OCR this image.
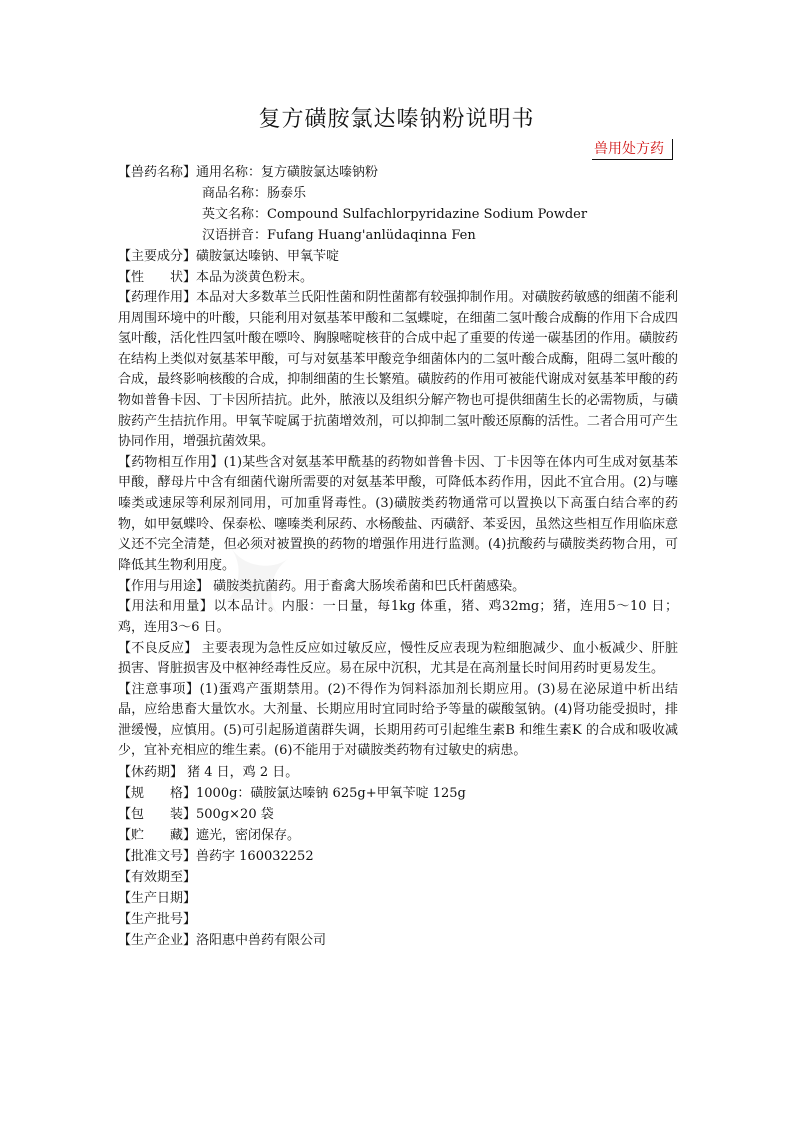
复方磺胺氯达嗪钠粉说明书
兽用处方药
【兽药名称】通用名称：复方磺胺氯达嗪钠粉
商品名称：肠泰乐
英文名称：Compound Sulfachlorpyridazine Sodium Powder
汉语拼音：Fufang Huang'anlüdaqinna Fen
【主要成分】磺胺氯达嗪钠、甲氧苄啶
【性　　状】本品为淡黄色粉末。

【药理作用】本品对大多数革兰氏阳性菌和阴性菌都有较强抑制作用。对磺胺药敏感的细菌不能利用周围环境中的叶酸，只能利用对氨基苯甲酸和二氢蝶啶，在细菌二氢叶酸合成酶的作用下合成四氢叶酸，活化性四氢叶酸在嘌呤、胸腺嘧啶核苷的合成中起了重要的传递一碳基团的作用。磺胺药在结构上类似对氨基苯甲酸，可与对氨基苯甲酸竞争细菌体内的二氢叶酸合成酶，阻碍二氢叶酸的合成，最终影响核酸的合成，抑制细菌的生长繁殖。磺胺药的作用可被能代谢成对氨基苯甲酸的药物如普鲁卡因、丁卡因所拮抗。此外，脓液以及组织分解产物也可提供细菌生长的必需物质，与磺胺药产生拮抗作用。甲氧苄啶属于抗菌增效剂，可以抑制二氢叶酸还原酶的活性。二者合用可产生协同作用，增强抗菌效果。

【药物相互作用】(1)某些含对氨基苯甲酰基的药物如普鲁卡因、丁卡因等在体内可生成对氨基苯甲酸，酵母片中含有细菌代谢所需要的对氨基苯甲酸，可降低本药作用，因此不宜合用。(2)与噻嗪类或速尿等利尿剂同用，可加重肾毒性。(3)磺胺类药物通常可以置换以下高蛋白结合率的药物，如甲氨蝶呤、保泰松、噻嗪类利尿药、水杨酸盐、丙磺舒、苯妥因，虽然这些相互作用临床意义还不完全清楚，但必须对被置换的药物的增强作用进行监测。(4)抗酸药与磺胺类药物合用，可降低其生物利用度。

【作用与用途】 磺胺类抗菌药。用于畜禽大肠埃希菌和巴氏杆菌感染。

【用法和用量】以本品计。内服：一日量，每1kg 体重，猪、鸡32mg；猪，连用5～10 日；鸡，连用3～6 日。

【不良反应】 主要表现为急性反应如过敏反应，慢性反应表现为粒细胞减少、血小板减少、肝脏损害、肾脏损害及中枢神经毒性反应。易在尿中沉积，尤其是在高剂量长时间用药时更易发生。

【注意事项】(1)蛋鸡产蛋期禁用。(2)不得作为饲料添加剂长期应用。(3)易在泌尿道中析出结晶，应给患畜大量饮水。大剂量、长期应用时宜同时给予等量的碳酸氢钠。(4)肾功能受损时，排泄缓慢，应慎用。(5)可引起肠道菌群失调，长期用药可引起维生素B 和维生素K 的合成和吸收减少，宜补充相应的维生素。(6)不能用于对磺胺类药物有过敏史的病患。

【休药期】 猪 4 日，鸡 2 日。
【规　　格】1000g：磺胺氯达嗪钠 625g+甲氧苄啶 125g
【包　　装】500g×20 袋
【贮　　藏】遮光，密闭保存。
【批准文号】兽药字 160032252
【有效期至】
【生产日期】
【生产批号】
【生产企业】洛阳惠中兽药有限公司
